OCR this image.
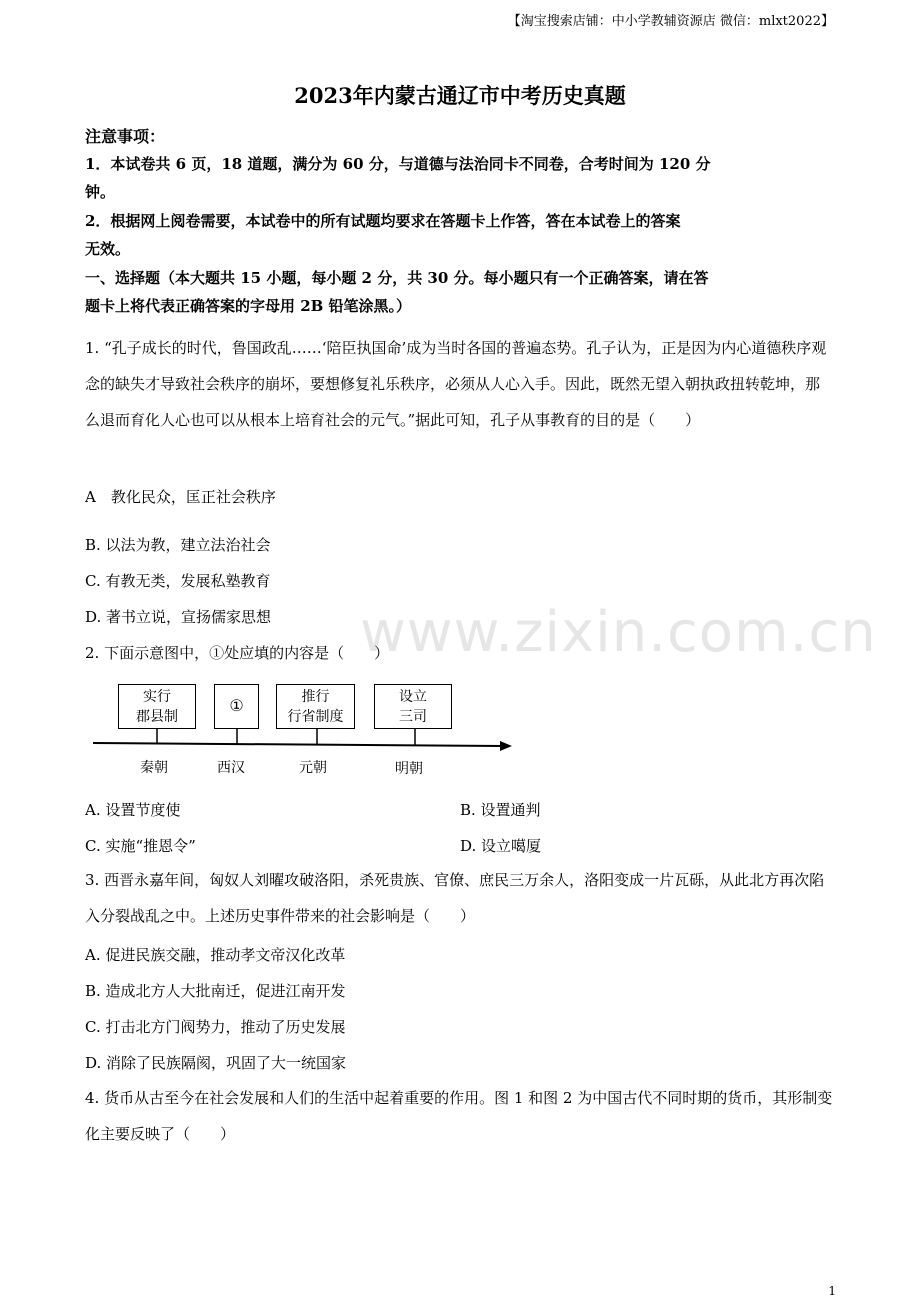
【淘宝搜索店铺：中小学教辅资源店 微信：mlxt2022】
2023年内蒙古通辽市中考历史真题
注意事项：
1．本试卷共 6 页，18 道题，满分为 60 分，与道德与法治同卡不同卷，合考时间为 120 分
钟。
2．根据网上阅卷需要，本试卷中的所有试题均要求在答题卡上作答，答在本试卷上的答案
无效。
一、选择题（本大题共 15 小题，每小题 2 分，共 30 分。每小题只有一个正确答案，请在答
题卡上将代表正确答案的字母用 2B 铅笔涂黑。）
www.zixin.com.cn
1. “孔子成长的时代，鲁国政乱……‘陪臣执国命’成为当时各国的普遍态势。孔子认为，正是因为内心道德秩序观念的缺失才导致社会秩序的崩坏，要想修复礼乐秩序，必须从人心入手。因此，既然无望入朝执政扭转乾坤，那么退而育化人心也可以从根本上培育社会的元气。”据此可知，孔子从事教育的目的是（　　）
A　教化民众，匡正社会秩序
B. 以法为教，建立法治社会
C. 有教无类，发展私塾教育
D. 著书立说，宣扬儒家思想
2. 下面示意图中，①处应填的内容是（　　）
实行
郡县制
①	推行
行省制度
设立
三司
秦朝	西汉	元朝	明朝
A. 设置节度使	B. 设置通判
C. 实施“推恩令”	D. 设立噶厦
3. 西晋永嘉年间，匈奴人刘曜攻破洛阳，杀死贵族、官僚、庶民三万余人，洛阳变成一片瓦砾，从此北方再次陷入分裂战乱之中。上述历史事件带来的社会影响是（　　）
A. 促进民族交融，推动孝文帝汉化改革
B. 造成北方人大批南迁，促进江南开发
C. 打击北方门阀势力，推动了历史发展
D. 消除了民族隔阂，巩固了大一统国家
4. 货币从古至今在社会发展和人们的生活中起着重要的作用。图 1 和图 2 为中国古代不同时期的货币，其形制变化主要反映了（　　）
1
